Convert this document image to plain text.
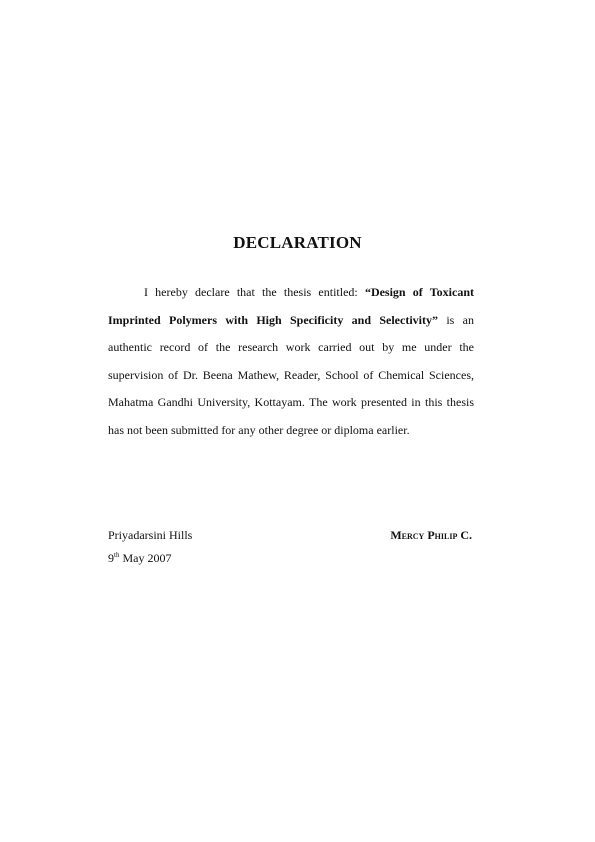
DECLARATION

I hereby declare that the thesis entitled: “Design of Toxicant Imprinted Polymers with High Specificity and Selectivity” is an authentic record of the research work carried out by me under the supervision of Dr. Beena Mathew, Reader, School of Chemical Sciences, Mahatma Gandhi University, Kottayam. The work presented in this thesis has not been submitted for any other degree or diploma earlier.

Priyadarsini Hills
9th May 2007
Mercy Philip C.
